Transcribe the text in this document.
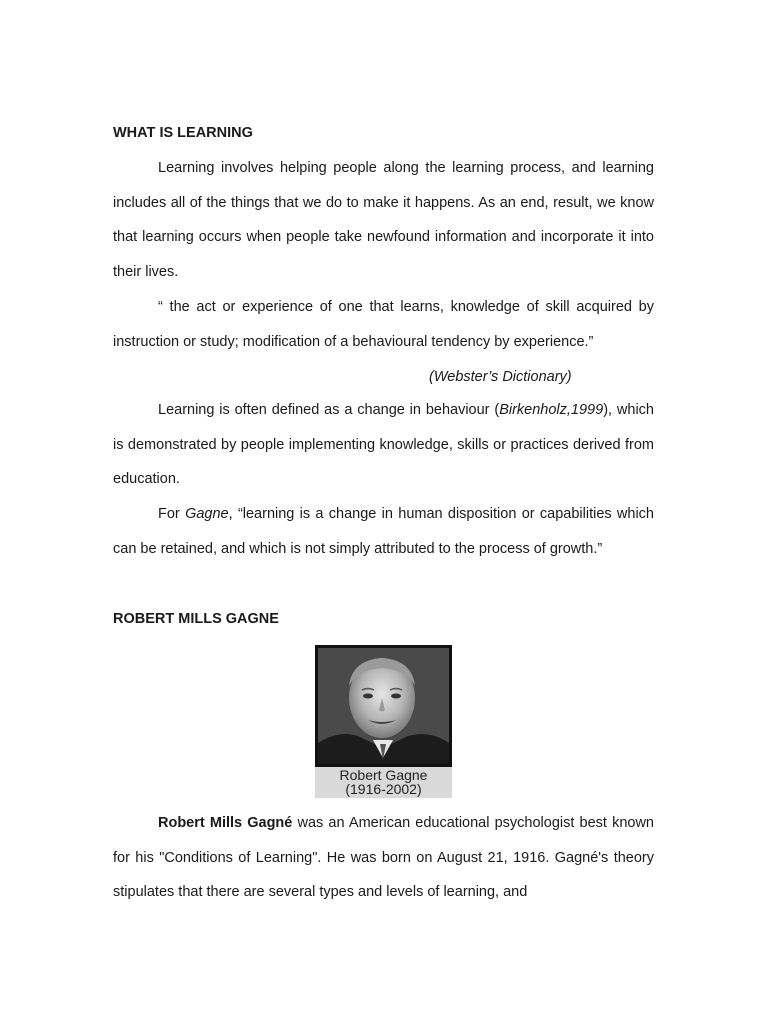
WHAT IS LEARNING

Learning involves helping people along the learning process, and learning includes all of the things that we do to make it happens. As an end, result, we know that learning occurs when people take newfound information and incorporate it into their lives.

“ the act or experience of one that learns, knowledge of skill acquired by instruction or study; modification of a behavioural tendency by experience.”

(Webster’s Dictionary)

Learning is often defined as a change in behaviour (Birkenholz,1999), which is demonstrated by people implementing knowledge, skills or practices derived from education.

For Gagne, “learning is a change in human disposition or capabilities which can be retained, and which is not simply attributed to the process of growth.”

ROBERT MILLS GAGNE
Robert Gagne
(1916-2002)

Robert Mills Gagné was an American educational psychologist best known for his "Conditions of Learning". He was born on August 21, 1916. Gagné's theory stipulates that there are several types and levels of learning, and
